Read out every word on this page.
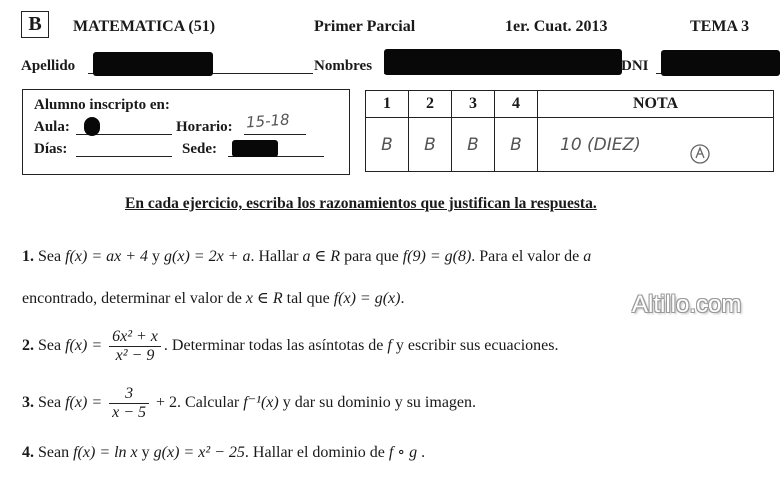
B	MATEMATICA (51)	Primer Parcial	1er. Cuat. 2013	TEMA 3
Apellido	Nombres	DNI
Alumno inscripto en:
Aula:	Horario: 15-18
Días:	Sede:
1	2	3	4	NOTA
B	B	B	B	10 (DIEZ)
En cada ejercicio, escriba los razonamientos que justifican la respuesta.
1. Sea f(x) = ax + 4 y g(x) = 2x + a. Hallar a ∈ R para que f(9) = g(8). Para el valor de a
encontrado, determinar el valor de x ∈ R tal que f(x) = g(x).	Altillo.com
2. Sea $f(x) = \frac{\text{6x² + x}}{\text{x² − 9}}$ . Determinar todas las asíntotas de f y escribir sus ecuaciones.
3. Sea $f(x) = \frac{3}{x - 5} + 2$. Calcular f⁻¹(x) y dar su dominio y su imagen.
4. Sean f(x) = ln x y g(x) = x² − 25. Hallar el dominio de f ∘ g .
